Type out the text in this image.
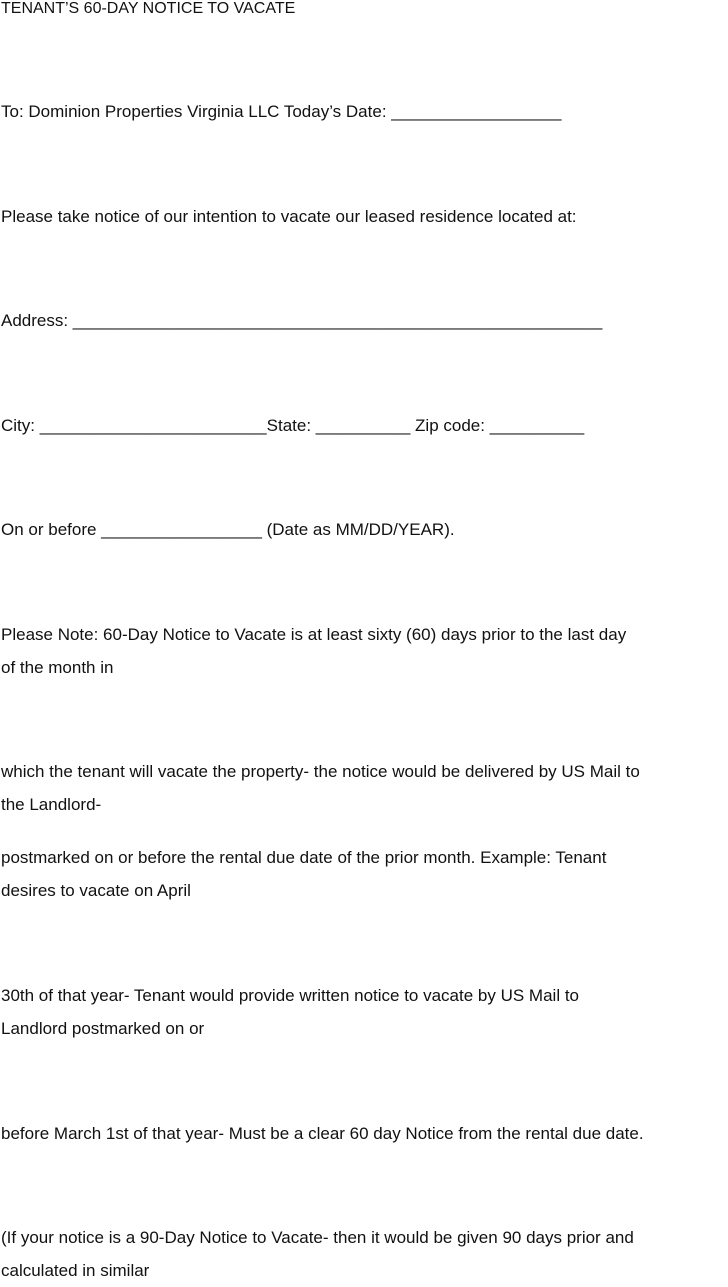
TENANT’S 60-DAY NOTICE TO VACATE

To: Dominion Properties Virginia LLC Today’s Date: __________________

Please take notice of our intention to vacate our leased residence located at:

Address: ________________________________________________________

City: ________________________State: __________ Zip code: __________

On or before _________________ (Date as MM/DD/YEAR).

Please Note: 60-Day Notice to Vacate is at least sixty (60) days prior to the last day

of the month in

which the tenant will vacate the property- the notice would be delivered by US Mail to

the Landlord-

postmarked on or before the rental due date of the prior month. Example: Tenant

desires to vacate on April

30th of that year- Tenant would provide written notice to vacate by US Mail to

Landlord postmarked on or

before March 1st of that year- Must be a clear 60 day Notice from the rental due date.

(If your notice is a 90-Day Notice to Vacate- then it would be given 90 days prior and

calculated in similar
